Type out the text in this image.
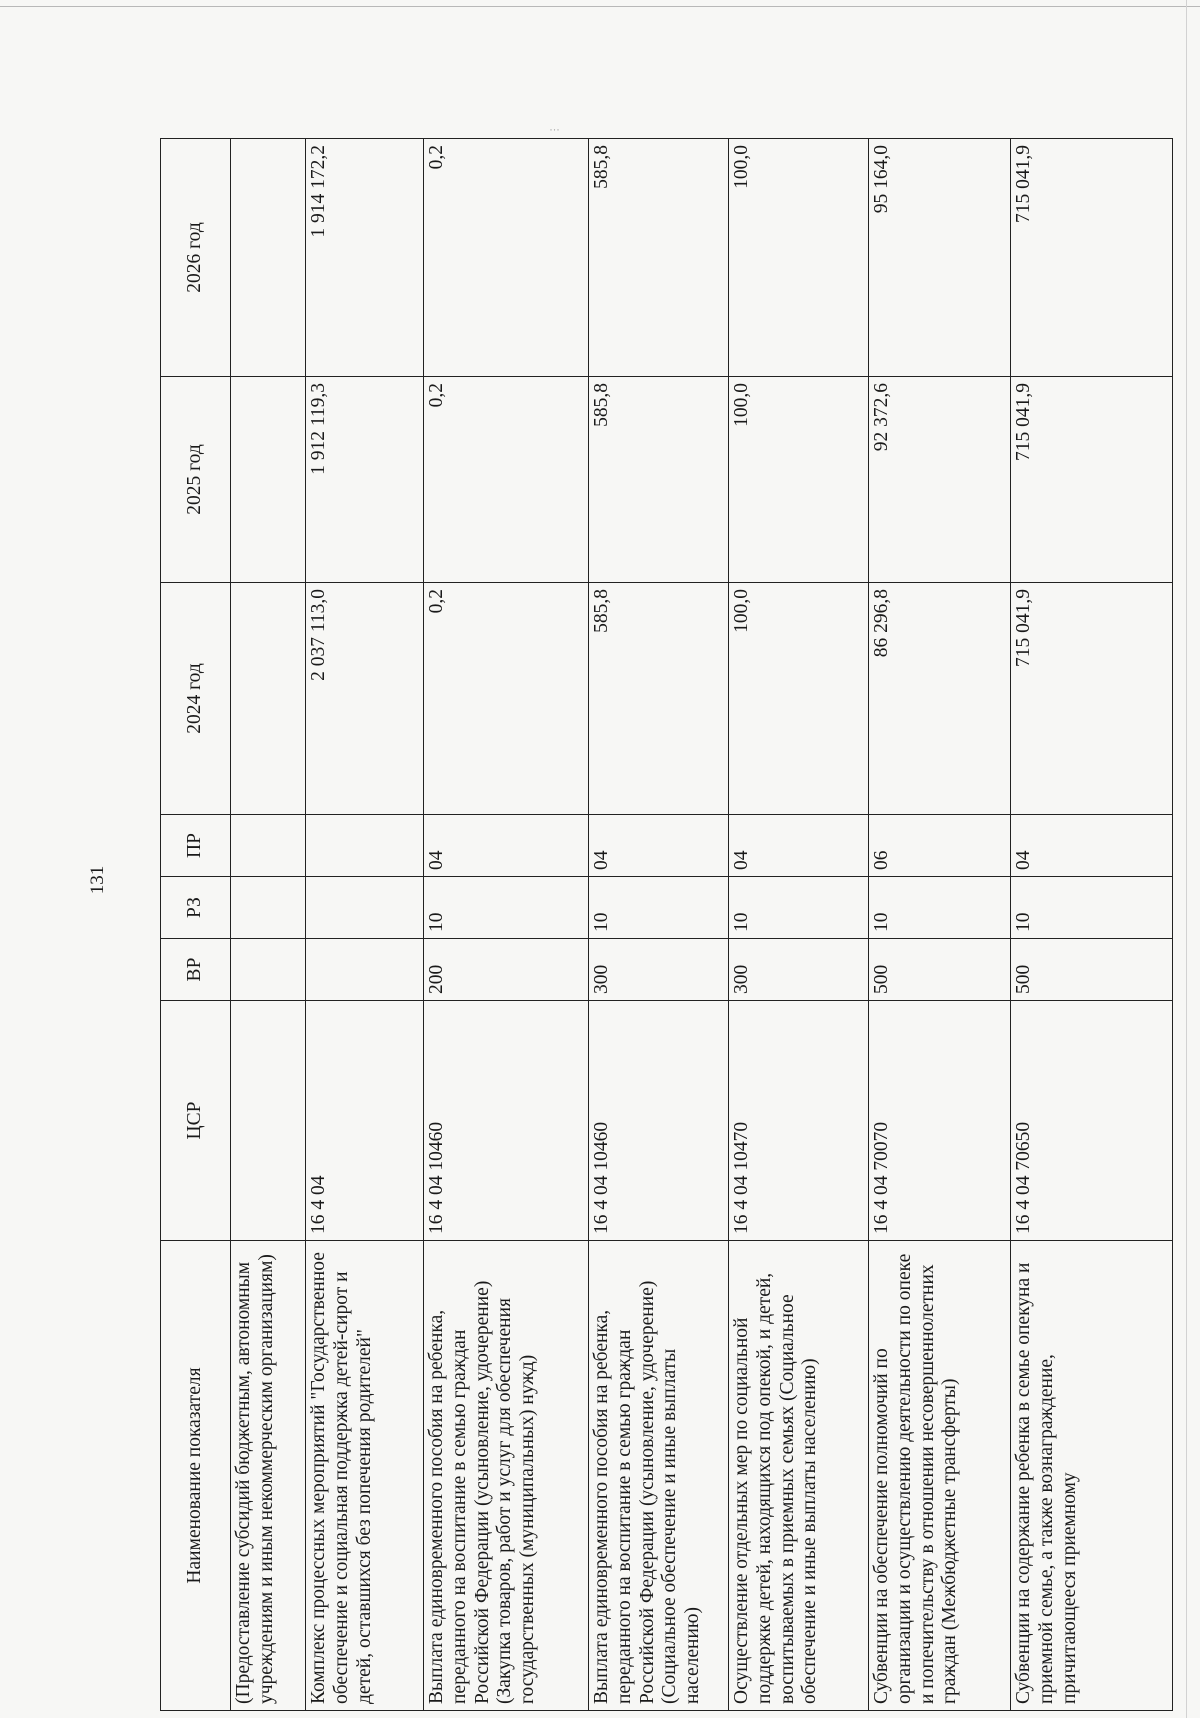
131
...
Наименование показателя	ЦСР	ВР	РЗ	ПР	2024 год	2025 год	2026 год
(Предоставление субсидий бюджетным, автономным учреждениям и иным некоммерческим организациям)							
Комплекс процессных мероприятий "Государственное обеспечение и социальная поддержка детей-сирот и детей, оставшихся без попечения родителей"	16 4 04				2 037 113,0	1 912 119,3	1 914 172,2
Выплата единовременного пособия на ребенка, переданного на воспитание в семью граждан Российской Федерации (усыновление, удочерение) (Закупка товаров, работ и услуг для обеспечения государственных (муниципальных) нужд)	16 4 04 10460	200	10	04	0,2	0,2	0,2
Выплата единовременного пособия на ребенка, переданного на воспитание в семью граждан Российской Федерации (усыновление, удочерение) (Социальное обеспечение и иные выплаты населению)	16 4 04 10460	300	10	04	585,8	585,8	585,8
Осуществление отдельных мер по социальной поддержке детей, находящихся под опекой, и детей, воспитываемых в приемных семьях (Социальное обеспечение и иные выплаты населению)	16 4 04 10470	300	10	04	100,0	100,0	100,0
Субвенции на обеспечение полномочий по организации и осуществлению деятельности по опеке и попечительству в отношении несовершеннолетних граждан (Межбюджетные трансферты)	16 4 04 70070	500	10	06	86 296,8	92 372,6	95 164,0
Субвенции на содержание ребенка в семье опекуна и приемной семье, а также вознаграждение, причитающееся приемному	16 4 04 70650	500	10	04	715 041,9	715 041,9	715 041,9
